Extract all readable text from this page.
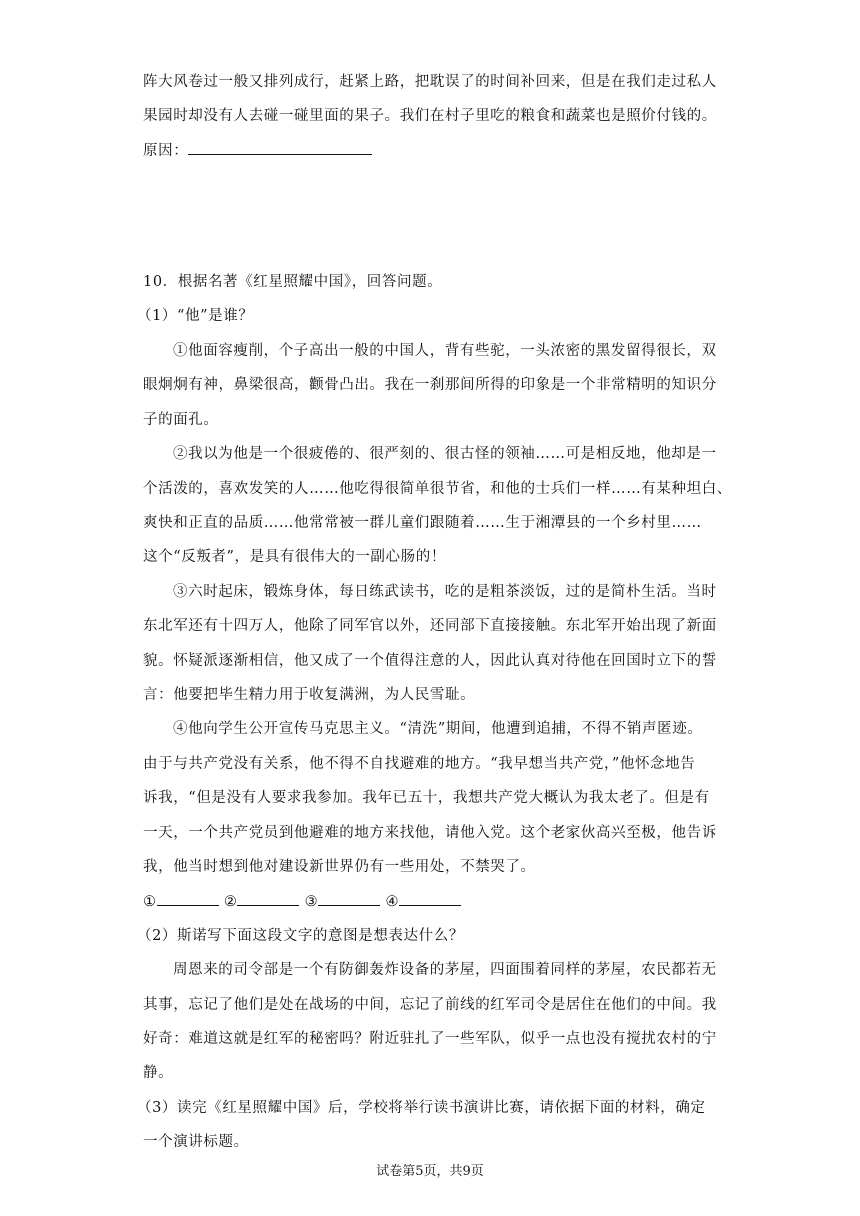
阵大风卷过一般又排列成行，赶紧上路，把耽误了的时间补回来，但是在我们走过私人
果园时却没有人去碰一碰里面的果子。我们在村子里吃的粮食和蔬菜也是照价付钱的。
原因：
10．根据名著《红星照耀中国》，回答问题。
（1）“他”是谁？
①他面容瘦削，个子高出一般的中国人，背有些驼，一头浓密的黑发留得很长，双
眼炯炯有神，鼻梁很高，颧骨凸出。我在一刹那间所得的印象是一个非常精明的知识分
子的面孔。
②我以为他是一个很疲倦的、很严刻的、很古怪的领袖……可是相反地，他却是一
个活泼的，喜欢发笑的人……他吃得很简单很节省，和他的士兵们一样……有某种坦白、
爽快和正直的品质……他常常被一群儿童们跟随着……生于湘潭县的一个乡村里……
这个“反叛者”，是具有很伟大的一副心肠的！
③六时起床，锻炼身体，每日练武读书，吃的是粗茶淡饭，过的是简朴生活。当时
东北军还有十四万人，他除了同军官以外，还同部下直接接触。东北军开始出现了新面
貌。怀疑派逐渐相信，他又成了一个值得注意的人，因此认真对待他在回国时立下的誓
言：他要把毕生精力用于收复满洲，为人民雪耻。
④他向学生公开宣传马克思主义。“清洗”期间，他遭到追捕，不得不销声匿迹。
由于与共产党没有关系，他不得不自找避难的地方。“我早想当共产党，”他怀念地告
诉我，“但是没有人要求我参加。我年已五十，我想共产党大概认为我太老了。但是有
一天，一个共产党员到他避难的地方来找他，请他入党。这个老家伙高兴至极，他告诉
我，他当时想到他对建设新世界仍有一些用处，不禁哭了。
①	②	③	④
（2）斯诺写下面这段文字的意图是想表达什么？
周恩来的司令部是一个有防御轰炸设备的茅屋，四面围着同样的茅屋，农民都若无
其事，忘记了他们是处在战场的中间，忘记了前线的红军司令是居住在他们的中间。我
好奇：难道这就是红军的秘密吗？附近驻扎了一些军队，似乎一点也没有搅扰农村的宁
静。
（3）读完《红星照耀中国》后，学校将举行读书演讲比赛，请依据下面的材料，确定
一个演讲标题。
试卷第5页，共9页
